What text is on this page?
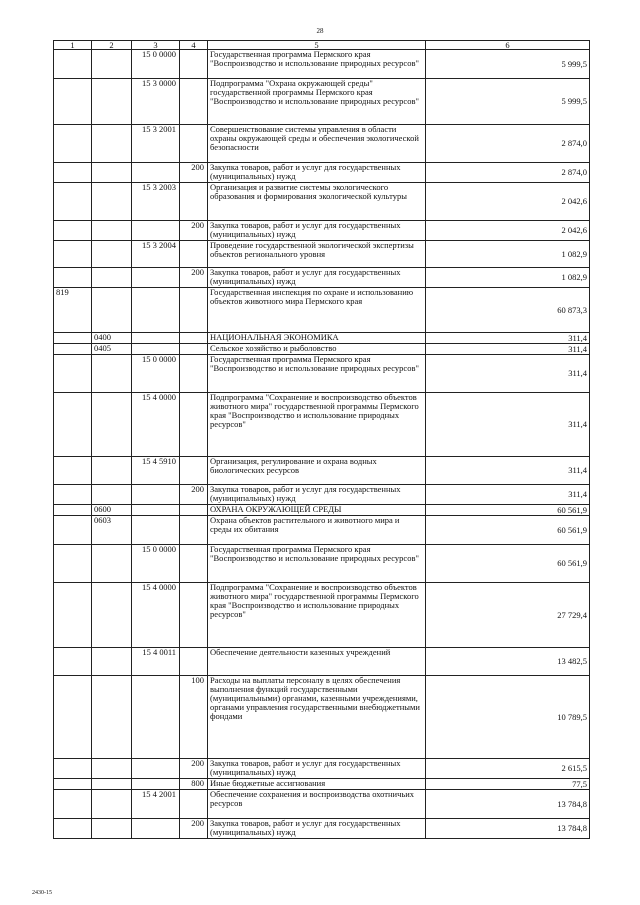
28
1	2	3	4	5	6
		15 0 0000		Государственная программа Пермского края "Воспроизводство и использование природных ресурсов"	5 999,5
		15 3 0000		Подпрограмма "Охрана окружающей среды" государственной программы Пермского края "Воспроизводство и использование природных ресурсов"	5 999,5
		15 3 2001		Совершенствование системы управления в области охраны окружающей среды и обеспечения экологической безопасности	2 874,0
			200	Закупка товаров, работ и услуг для государственных (муниципальных) нужд	2 874,0
		15 3 2003		Организация и развитие системы экологического образования и формирования экологической культуры	2 042,6
			200	Закупка товаров, работ и услуг для государственных (муниципальных) нужд	2 042,6
		15 3 2004		Проведение государственной экологической экспертизы объектов регионального уровня	1 082,9
			200	Закупка товаров, работ и услуг для государственных (муниципальных) нужд	1 082,9
819				Государственная инспекция по охране и использованию объектов животного мира Пермского края	60 873,3
	0400			НАЦИОНАЛЬНАЯ ЭКОНОМИКА	311,4
	0405			Сельское хозяйство и рыболовство	311,4
		15 0 0000		Государственная программа Пермского края "Воспроизводство и использование природных ресурсов"	311,4
		15 4 0000		Подпрограмма "Сохранение и воспроизводство объектов животного мира" государственной программы Пермского края "Воспроизводство и использование природных ресурсов"	311,4
		15 4 5910		Организация, регулирование и охрана водных биологических ресурсов	311,4
			200	Закупка товаров, работ и услуг для государственных (муниципальных) нужд	311,4
	0600			ОХРАНА ОКРУЖАЮЩЕЙ СРЕДЫ	60 561,9
	0603			Охрана объектов растительного и животного мира и среды их обитания	60 561,9
		15 0 0000		Государственная программа Пермского края "Воспроизводство и использование природных ресурсов"	60 561,9
		15 4 0000		Подпрограмма "Сохранение и воспроизводство объектов животного мира" государственной программы Пермского края "Воспроизводство и использование природных ресурсов"	27 729,4
		15 4 0011		Обеспечение деятельности казенных учреждений	13 482,5
			100	Расходы на выплаты персоналу в целях обеспечения выполнения функций государственными (муниципальными) органами, казенными учреждениями, органами управления государственными внебюджетными фондами	10 789,5
			200	Закупка товаров, работ и услуг для государственных (муниципальных) нужд	2 615,5
			800	Иные бюджетные ассигнования	77,5
		15 4 2001		Обеспечение сохранения и воспроизводства охотничьих ресурсов	13 784,8
			200	Закупка товаров, работ и услуг для государственных (муниципальных) нужд	13 784,8
2430-15
